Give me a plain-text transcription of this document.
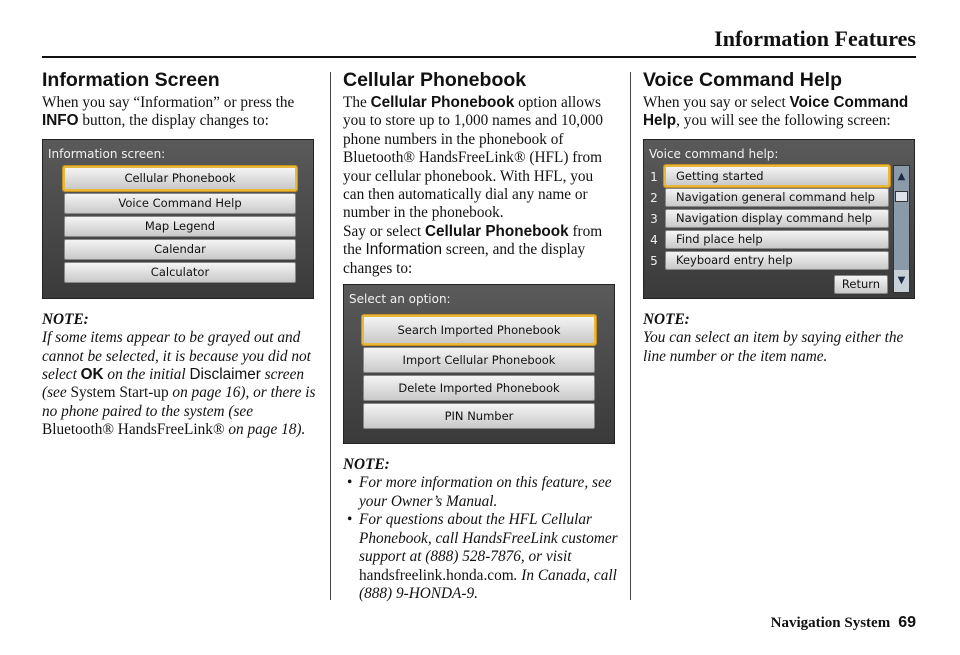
Information Features
Information Screen

When you say “Information” or press the INFO button, the display changes to:

Information screen:
Cellular Phonebook
Voice Command Help
Map Legend
Calendar
Calculator
NOTE:

If some items appear to be grayed out and cannot be selected, it is because you did not select OK on the initial Disclaimer screen (see System Start-up on page 16), or there is no phone paired to the system (see Bluetooth® HandsFreeLink® on page 18).

Cellular Phonebook

The Cellular Phonebook option allows you to store up to 1,000 names and 10,000 phone numbers in the phonebook of Bluetooth® HandsFreeLink® (HFL) from your cellular phonebook. With HFL, you can then automatically dial any name or number in the phonebook.

Say or select Cellular Phonebook from the Information screen, and the display changes to:

Select an option:
Search Imported Phonebook
Import Cellular Phonebook
Delete Imported Phonebook
PIN Number
NOTE:
• For more information on this feature, see your Owner’s Manual.
• For questions about the HFL Cellular Phonebook, call HandsFreeLink customer support at (888) 528-7876, or visit handsfreelink.honda.com. In Canada, call (888) 9-HONDA-9.
Voice Command Help

When you say or select Voice Command Help, you will see the following screen:

Voice command help:
1
2
3
4
5
Getting started
Navigation general command help
Navigation display command help
Find place help
Keyboard entry help
Return
▲
▼
NOTE:

You can select an item by saying either the line number or the item name.

Navigation System 69
